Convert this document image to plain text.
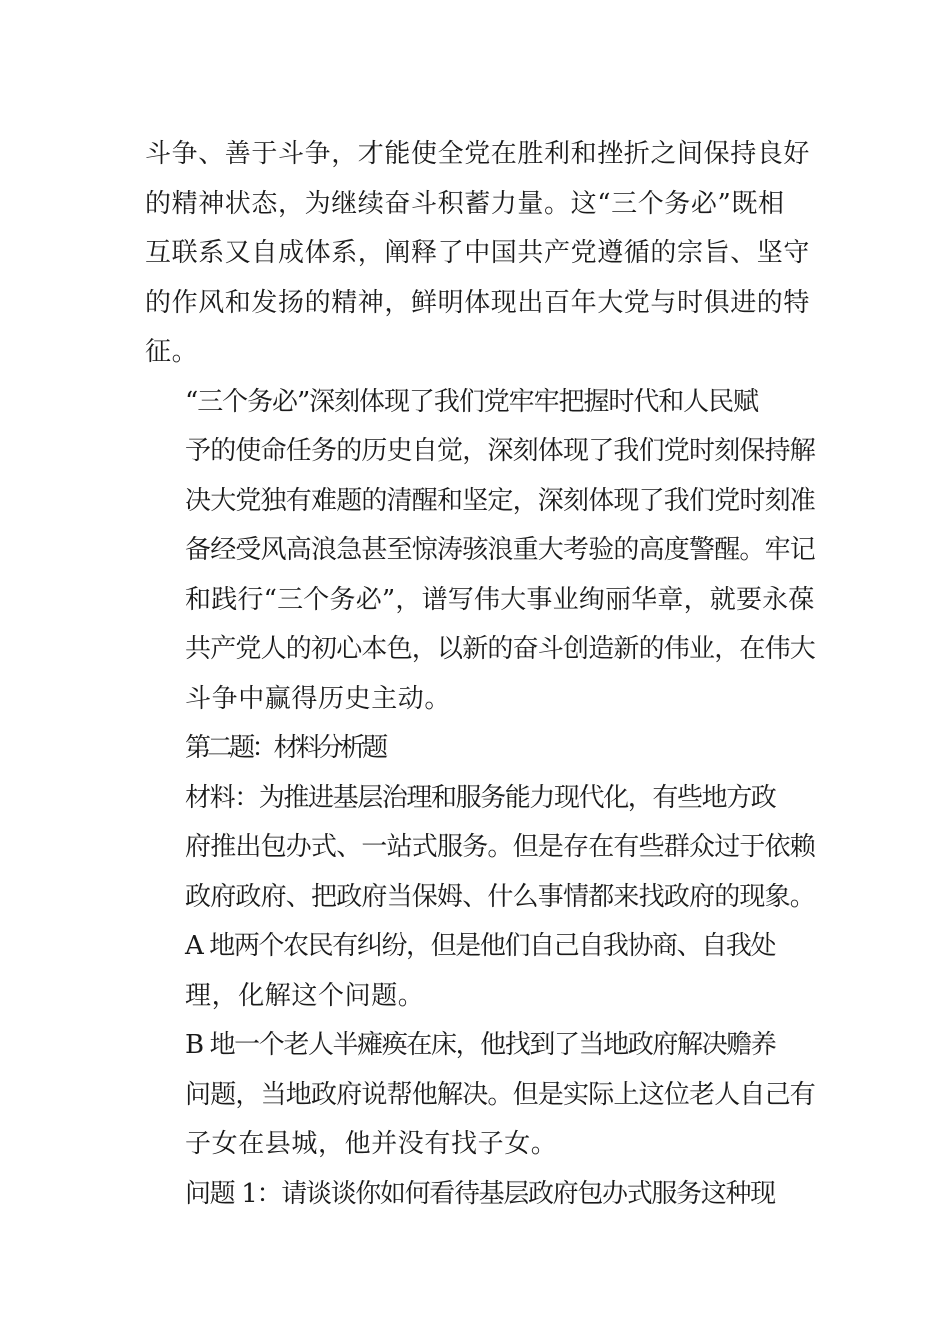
斗争、善于斗争，才能使全党在胜利和挫折之间保持良好
的精神状态，为继续奋斗积蓄力量。这“三个务必”既相
互联系又自成体系，阐释了中国共产党遵循的宗旨、坚守
的作风和发扬的精神，鲜明体现出百年大党与时俱进的特
征。

“三个务必”深刻体现了我们党牢牢把握时代和人民赋
予的使命任务的历史自觉，深刻体现了我们党时刻保持解
决大党独有难题的清醒和坚定，深刻体现了我们党时刻准
备经受风高浪急甚至惊涛骇浪重大考验的高度警醒。牢记
和践行“三个务必”，谱写伟大事业绚丽华章，就要永葆
共产党人的初心本色，以新的奋斗创造新的伟业，在伟大
斗争中赢得历史主动。

第二题：材料分析题

材料：为推进基层治理和服务能力现代化，有些地方政
府推出包办式、一站式服务。但是存在有些群众过于依赖
政府政府、把政府当保姆、什么事情都来找政府的现象。

A 地两个农民有纠纷，但是他们自己自我协商、自我处
理，化解这个问题。

B 地一个老人半瘫痪在床，他找到了当地政府解决赡养
问题，当地政府说帮他解决。但是实际上这位老人自己有
子女在县城，他并没有找子女。

问题 1：请谈谈你如何看待基层政府包办式服务这种现
